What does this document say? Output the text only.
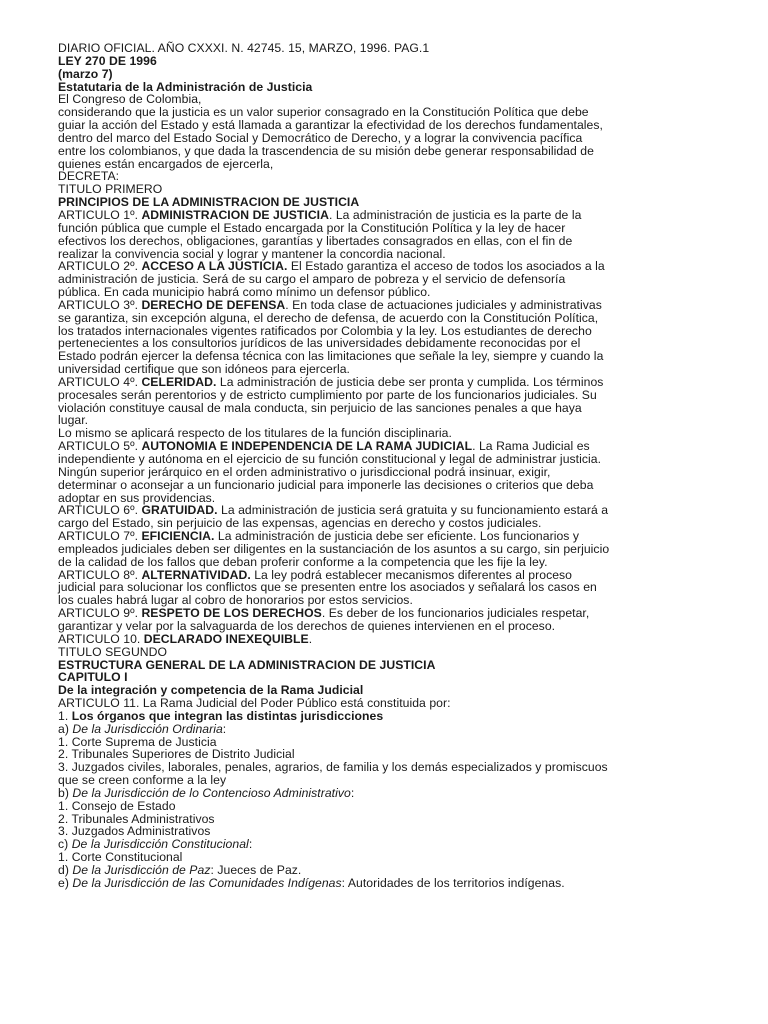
DIARIO OFICIAL. AÑO CXXXI. N. 42745. 15, MARZO, 1996. PAG.1

LEY 270 DE 1996

(marzo 7)

Estatutaria de la Administración de Justicia

El Congreso de Colombia,

considerando que la justicia es un valor superior consagrado en la Constitución Política que debe guiar la acción del Estado y está llamada a garantizar la efectividad de los derechos fundamentales, dentro del marco del Estado Social y Democrático de Derecho, y a lograr la convivencia pacífica entre los colombianos, y que dada la trascendencia de su misión debe generar responsabilidad de quienes están encargados de ejercerla,

DECRETA:

TITULO PRIMERO

PRINCIPIOS DE LA ADMINISTRACION DE JUSTICIA

ARTICULO 1º. ADMINISTRACION DE JUSTICIA. La administración de justicia es la parte de la función pública que cumple el Estado encargada por la Constitución Política y la ley de hacer efectivos los derechos, obligaciones, garantías y libertades consagrados en ellas, con el fin de realizar la convivencia social y lograr y mantener la concordia nacional.

ARTICULO 2º. ACCESO A LA JUSTICIA. El Estado garantiza el acceso de todos los asociados a la administración de justicia. Será de su cargo el amparo de pobreza y el servicio de defensoría pública. En cada municipio habrá como mínimo un defensor público.

ARTICULO 3º. DERECHO DE DEFENSA. En toda clase de actuaciones judiciales y administrativas se garantiza, sin excepción alguna, el derecho de defensa, de acuerdo con la Constitución Política, los tratados internacionales vigentes ratificados por Colombia y la ley. Los estudiantes de derecho pertenecientes a los consultorios jurídicos de las universidades debidamente reconocidas por el Estado podrán ejercer la defensa técnica con las limitaciones que señale la ley, siempre y cuando la universidad certifique que son idóneos para ejercerla.

ARTICULO 4º. CELERIDAD. La administración de justicia debe ser pronta y cumplida. Los términos procesales serán perentorios y de estricto cumplimiento por parte de los funcionarios judiciales. Su violación constituye causal de mala conducta, sin perjuicio de las sanciones penales a que haya lugar.
Lo mismo se aplicará respecto de los titulares de la función disciplinaria.

ARTICULO 5º. AUTONOMIA E INDEPENDENCIA DE LA RAMA JUDICIAL. La Rama Judicial es independiente y autónoma en el ejercicio de su función constitucional y legal de administrar justicia.
Ningún superior jerárquico en el orden administrativo o jurisdiccional podrá insinuar, exigir, determinar o aconsejar a un funcionario judicial para imponerle las decisiones o criterios que deba adoptar en sus providencias.

ARTICULO 6º. GRATUIDAD. La administración de justicia será gratuita y su funcionamiento estará a cargo del Estado, sin perjuicio de las expensas, agencias en derecho y costos judiciales.

ARTICULO 7º. EFICIENCIA. La administración de justicia debe ser eficiente. Los funcionarios y empleados judiciales deben ser diligentes en la sustanciación de los asuntos a su cargo, sin perjuicio de la calidad de los fallos que deban proferir conforme a la competencia que les fije la ley.

ARTICULO 8º. ALTERNATIVIDAD. La ley podrá establecer mecanismos diferentes al proceso judicial para solucionar los conflictos que se presenten entre los asociados y señalará los casos en los cuales habrá lugar al cobro de honorarios por estos servicios.

ARTICULO 9º. RESPETO DE LOS DERECHOS. Es deber de los funcionarios judiciales respetar, garantizar y velar por la salvaguarda de los derechos de quienes intervienen en el proceso.

ARTICULO 10. DECLARADO INEXEQUIBLE.

TITULO SEGUNDO

ESTRUCTURA GENERAL DE LA ADMINISTRACION DE JUSTICIA

CAPITULO I

De la integración y competencia de la Rama Judicial

ARTICULO 11. La Rama Judicial del Poder Público está constituida por:

1. Los órganos que integran las distintas jurisdicciones

a) De la Jurisdicción Ordinaria:

1. Corte Suprema de Justicia

2. Tribunales Superiores de Distrito Judicial

3. Juzgados civiles, laborales, penales, agrarios, de familia y los demás especializados y promiscuos que se creen conforme a la ley

b) De la Jurisdicción de lo Contencioso Administrativo:

1. Consejo de Estado

2. Tribunales Administrativos

3. Juzgados Administrativos

c) De la Jurisdicción Constitucional:

1. Corte Constitucional

d) De la Jurisdicción de Paz: Jueces de Paz.

e) De la Jurisdicción de las Comunidades Indígenas: Autoridades de los territorios indígenas.
